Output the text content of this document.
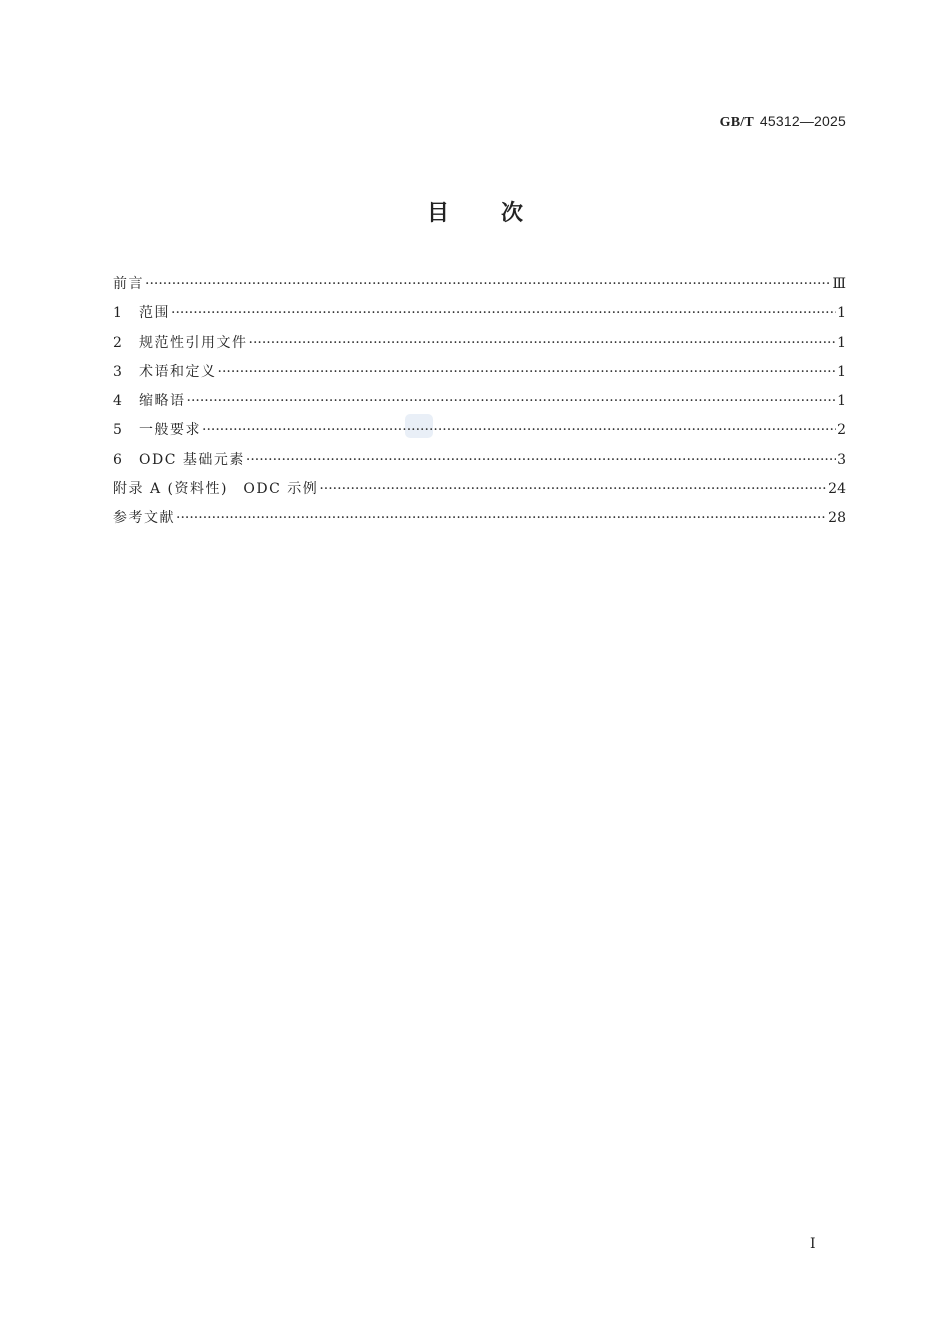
GB/T 45312—2025
目次
前言 ·····	Ⅲ
1	范围 ·····	1
2	规范性引用文件 ·····	1
3	术语和定义 ·····	1
4	缩略语 ·····	1
5	一般要求 ·····	2
6	ODC 基础元素 ·····	3
附录 A (资料性)　ODC 示例 ·····	24
参考文献 ·····	28
I
